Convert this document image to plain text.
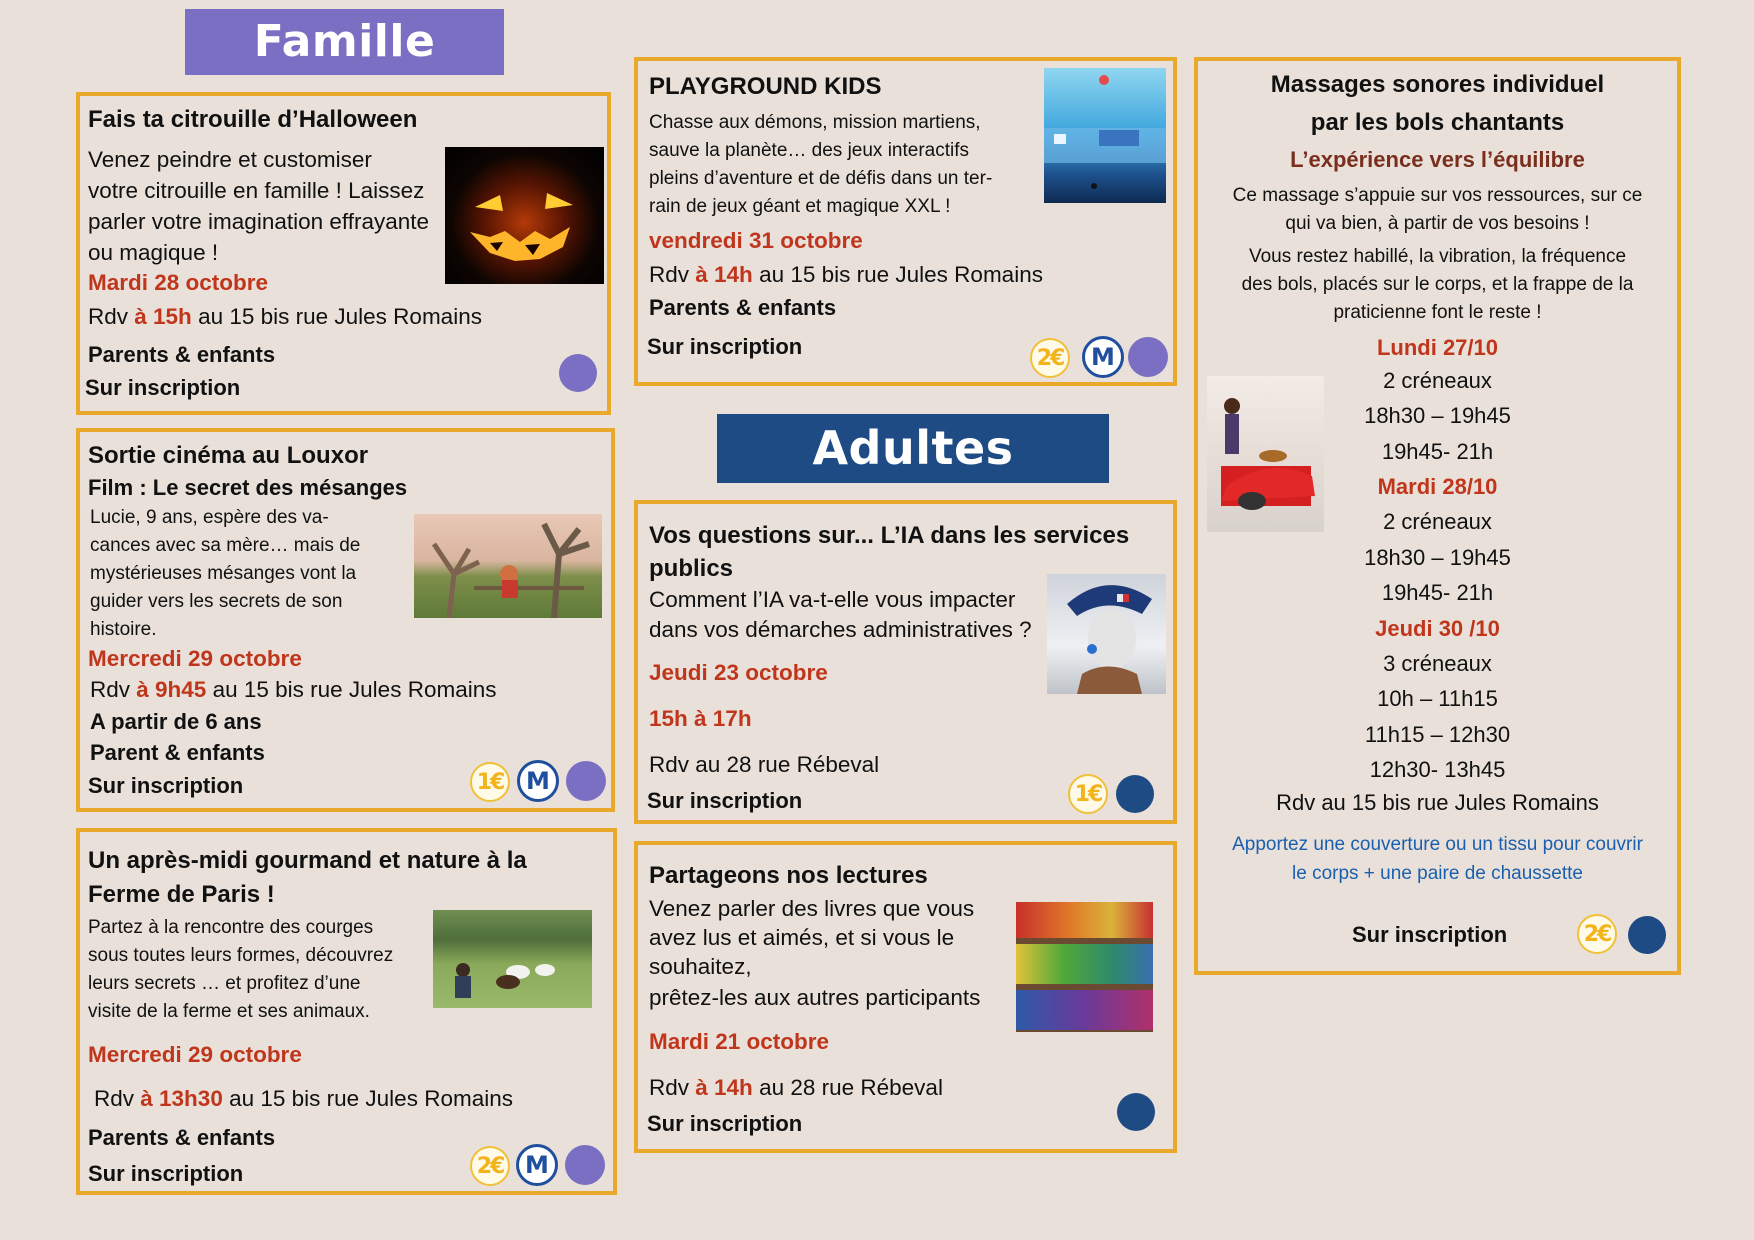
Famille
Adultes
Fais ta citrouille d’Halloween
Venez peindre et customiser
votre citrouille en famille ! Laissez
parler votre imagination effrayante
ou magique !
Mardi 28 octobre
Rdv à 15h au 15 bis rue Jules Romains
Parents & enfants
Sur inscription
Sortie cinéma au Louxor
Film : Le secret des mésanges
Lucie, 9 ans, espère des va-
cances avec sa mère… mais de
mystérieuses mésanges vont la
guider vers les secrets de son
histoire.
Mercredi 29 octobre
Rdv à 9h45 au 15 bis rue Jules Romains
A partir de 6 ans
Parent & enfants
Sur inscription	1€ M
Un après-midi gourmand et nature à la
Ferme de Paris !
Partez à la rencontre des courges
sous toutes leurs formes, découvrez
leurs secrets … et profitez d’une
visite de la ferme et ses animaux.
Mercredi 29 octobre
Rdv à 13h30 au 15 bis rue Jules Romains
Parents & enfants
Sur inscription	2€ M
PLAYGROUND KIDS
Chasse aux démons, mission martiens,
sauve la planète… des jeux interactifs
pleins d’aventure et de défis dans un ter-
rain de jeux géant et magique XXL !
vendredi 31 octobre
Rdv à 14h au 15 bis rue Jules Romains
Parents & enfants
Sur inscription	2€	M
Vos questions sur... L’IA dans les services
publics
Comment l’IA va-t-elle vous impacter
dans vos démarches administratives ?
Jeudi 23 octobre
15h à 17h
Rdv au 28 rue Rébeval
Sur inscription	1€
Partageons nos lectures
Venez parler des livres que vous
avez lus et aimés, et si vous le
souhaitez,
prêtez-les aux autres participants
Mardi 21 octobre
Rdv à 14h au 28 rue Rébeval
Sur inscription
Massages sonores individuel
par les bols chantants
L’expérience vers l’équilibre
Ce massage s’appuie sur vos ressources, sur ce
qui va bien, à partir de vos besoins !
Vous restez habillé, la vibration, la fréquence
des bols, placés sur le corps, et la frappe de la
praticienne font le reste !
Lundi 27/10
2 créneaux
18h30 – 19h45
19h45- 21h
Mardi 28/10
2 créneaux
18h30 – 19h45
19h45- 21h
Jeudi 30 /10
3 créneaux
10h – 11h15
11h15 – 12h30
12h30- 13h45
Rdv au 15 bis rue Jules Romains
Apportez une couverture ou un tissu pour couvrir
le corps + une paire de chaussette
Sur inscription	2€
